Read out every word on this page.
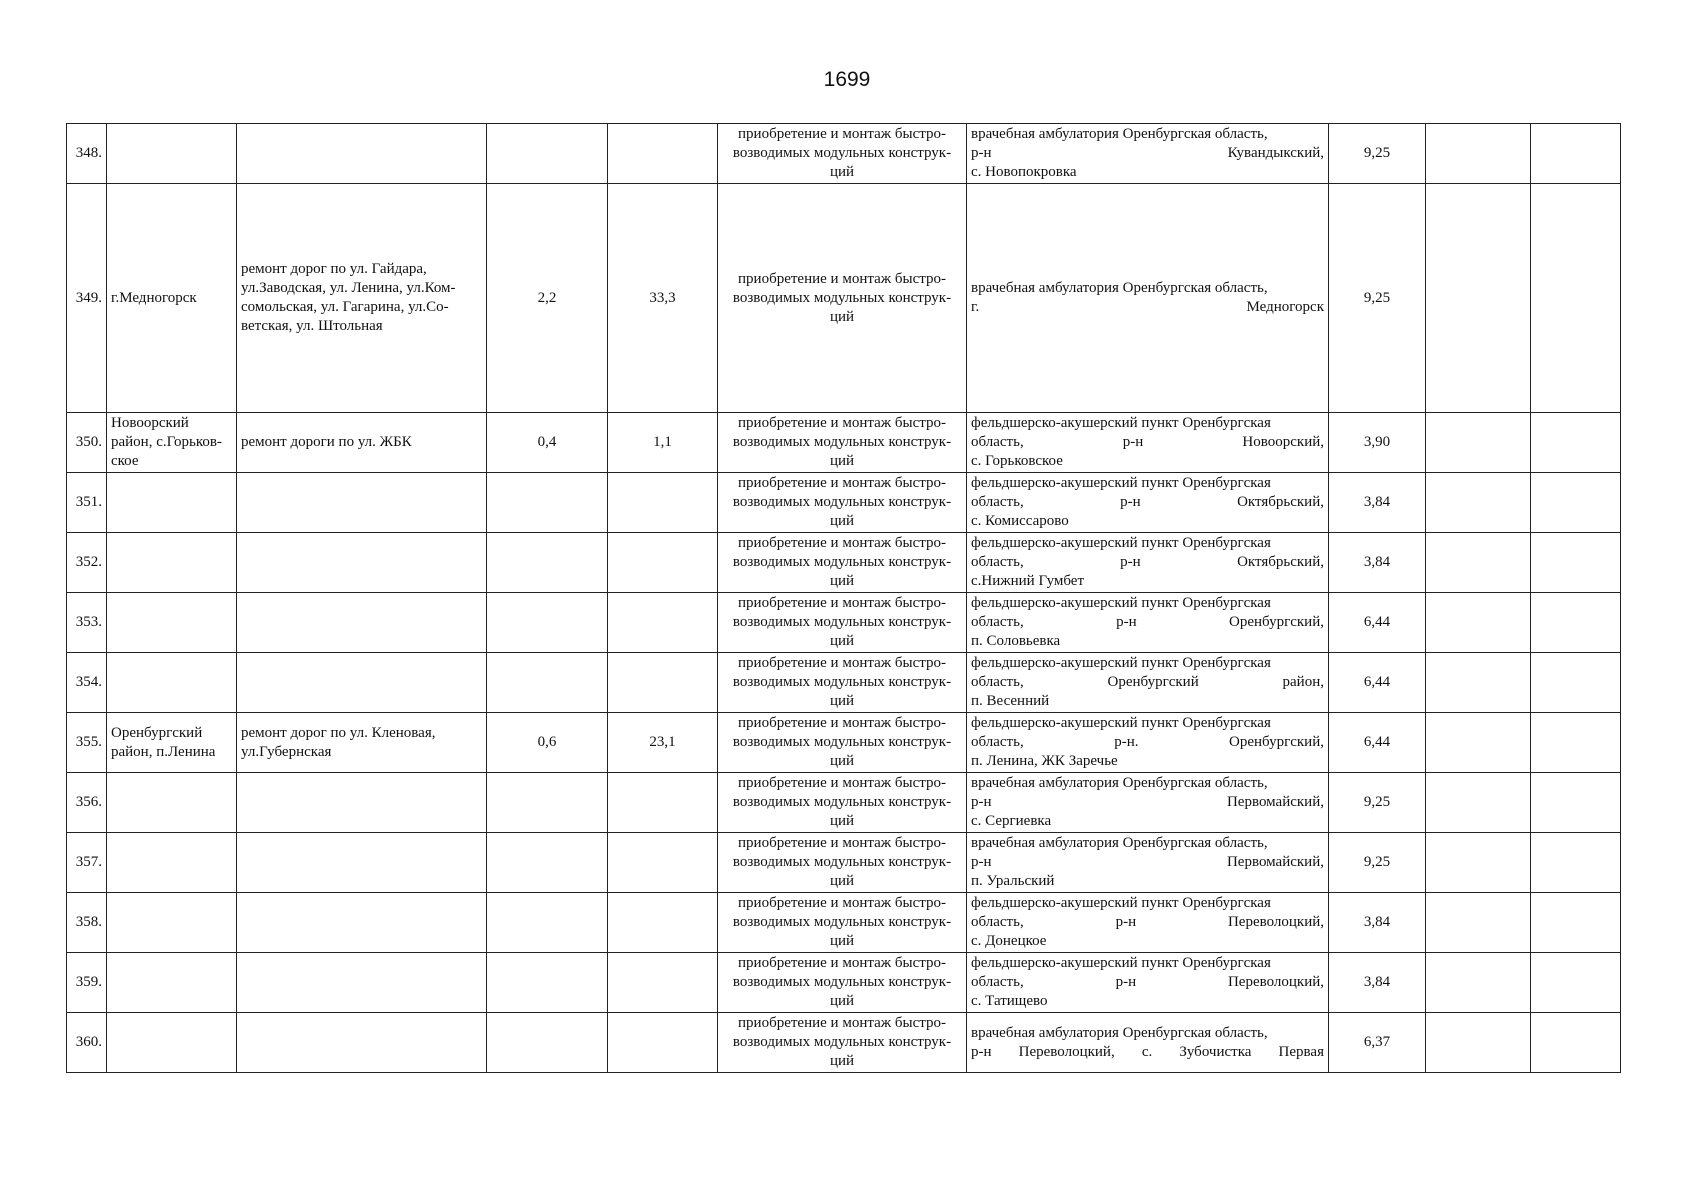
1699
348.					приобретение и монтаж быстро-возводимых модульных конструк-ций	врачебная амбулатория Оренбургская область,
р-н Кувандыкский,
с. Новопокровка	9,25		
349.	г.Медногорск	ремонт дорог по ул. Гайдара, ул.Заводская, ул. Ленина, ул.Ком-сомольская, ул. Гагарина, ул.Со-ветская, ул. Штольная	2,2	33,3	приобретение и монтаж быстро-возводимых модульных конструк-ций	врачебная амбулатория Оренбургская область,
г. Медногорск	9,25		
350.	Новоорский район, с.Горьков-ское	ремонт дороги по ул. ЖБК	0,4	1,1	приобретение и монтаж быстро-возводимых модульных конструк-ций	фельдшерско-акушерский пункт Оренбургская
область, р-н Новоорский,
с. Горьковское	3,90		
351.					приобретение и монтаж быстро-возводимых модульных конструк-ций	фельдшерско-акушерский пункт Оренбургская
область, р-н Октябрьский,
с. Комиссарово	3,84		
352.					приобретение и монтаж быстро-возводимых модульных конструк-ций	фельдшерско-акушерский пункт Оренбургская
область, р-н Октябрьский,
с.Нижний Гумбет	3,84		
353.					приобретение и монтаж быстро-возводимых модульных конструк-ций	фельдшерско-акушерский пункт Оренбургская
область, р-н Оренбургский,
п. Соловьевка	6,44		
354.					приобретение и монтаж быстро-возводимых модульных конструк-ций	фельдшерско-акушерский пункт Оренбургская
область, Оренбургский район,
п. Весенний	6,44		
355.	Оренбургский район, п.Ленина	ремонт дорог по ул. Кленовая, ул.Губернская	0,6	23,1	приобретение и монтаж быстро-возводимых модульных конструк-ций	фельдшерско-акушерский пункт Оренбургская
область, р-н. Оренбургский,
п. Ленина, ЖК Заречье	6,44		
356.					приобретение и монтаж быстро-возводимых модульных конструк-ций	врачебная амбулатория Оренбургская область,
р-н Первомайский,
с. Сергиевка	9,25		
357.					приобретение и монтаж быстро-возводимых модульных конструк-ций	врачебная амбулатория Оренбургская область,
р-н Первомайский,
п. Уральский	9,25		
358.					приобретение и монтаж быстро-возводимых модульных конструк-ций	фельдшерско-акушерский пункт Оренбургская
область, р-н Переволоцкий,
с. Донецкое	3,84		
359.					приобретение и монтаж быстро-возводимых модульных конструк-ций	фельдшерско-акушерский пункт Оренбургская
область, р-н Переволоцкий,
с. Татищево	3,84		
360.					приобретение и монтаж быстро-возводимых модульных конструк-ций	врачебная амбулатория Оренбургская область,
р-н Переволоцкий, с. Зубочистка Первая	6,37		
